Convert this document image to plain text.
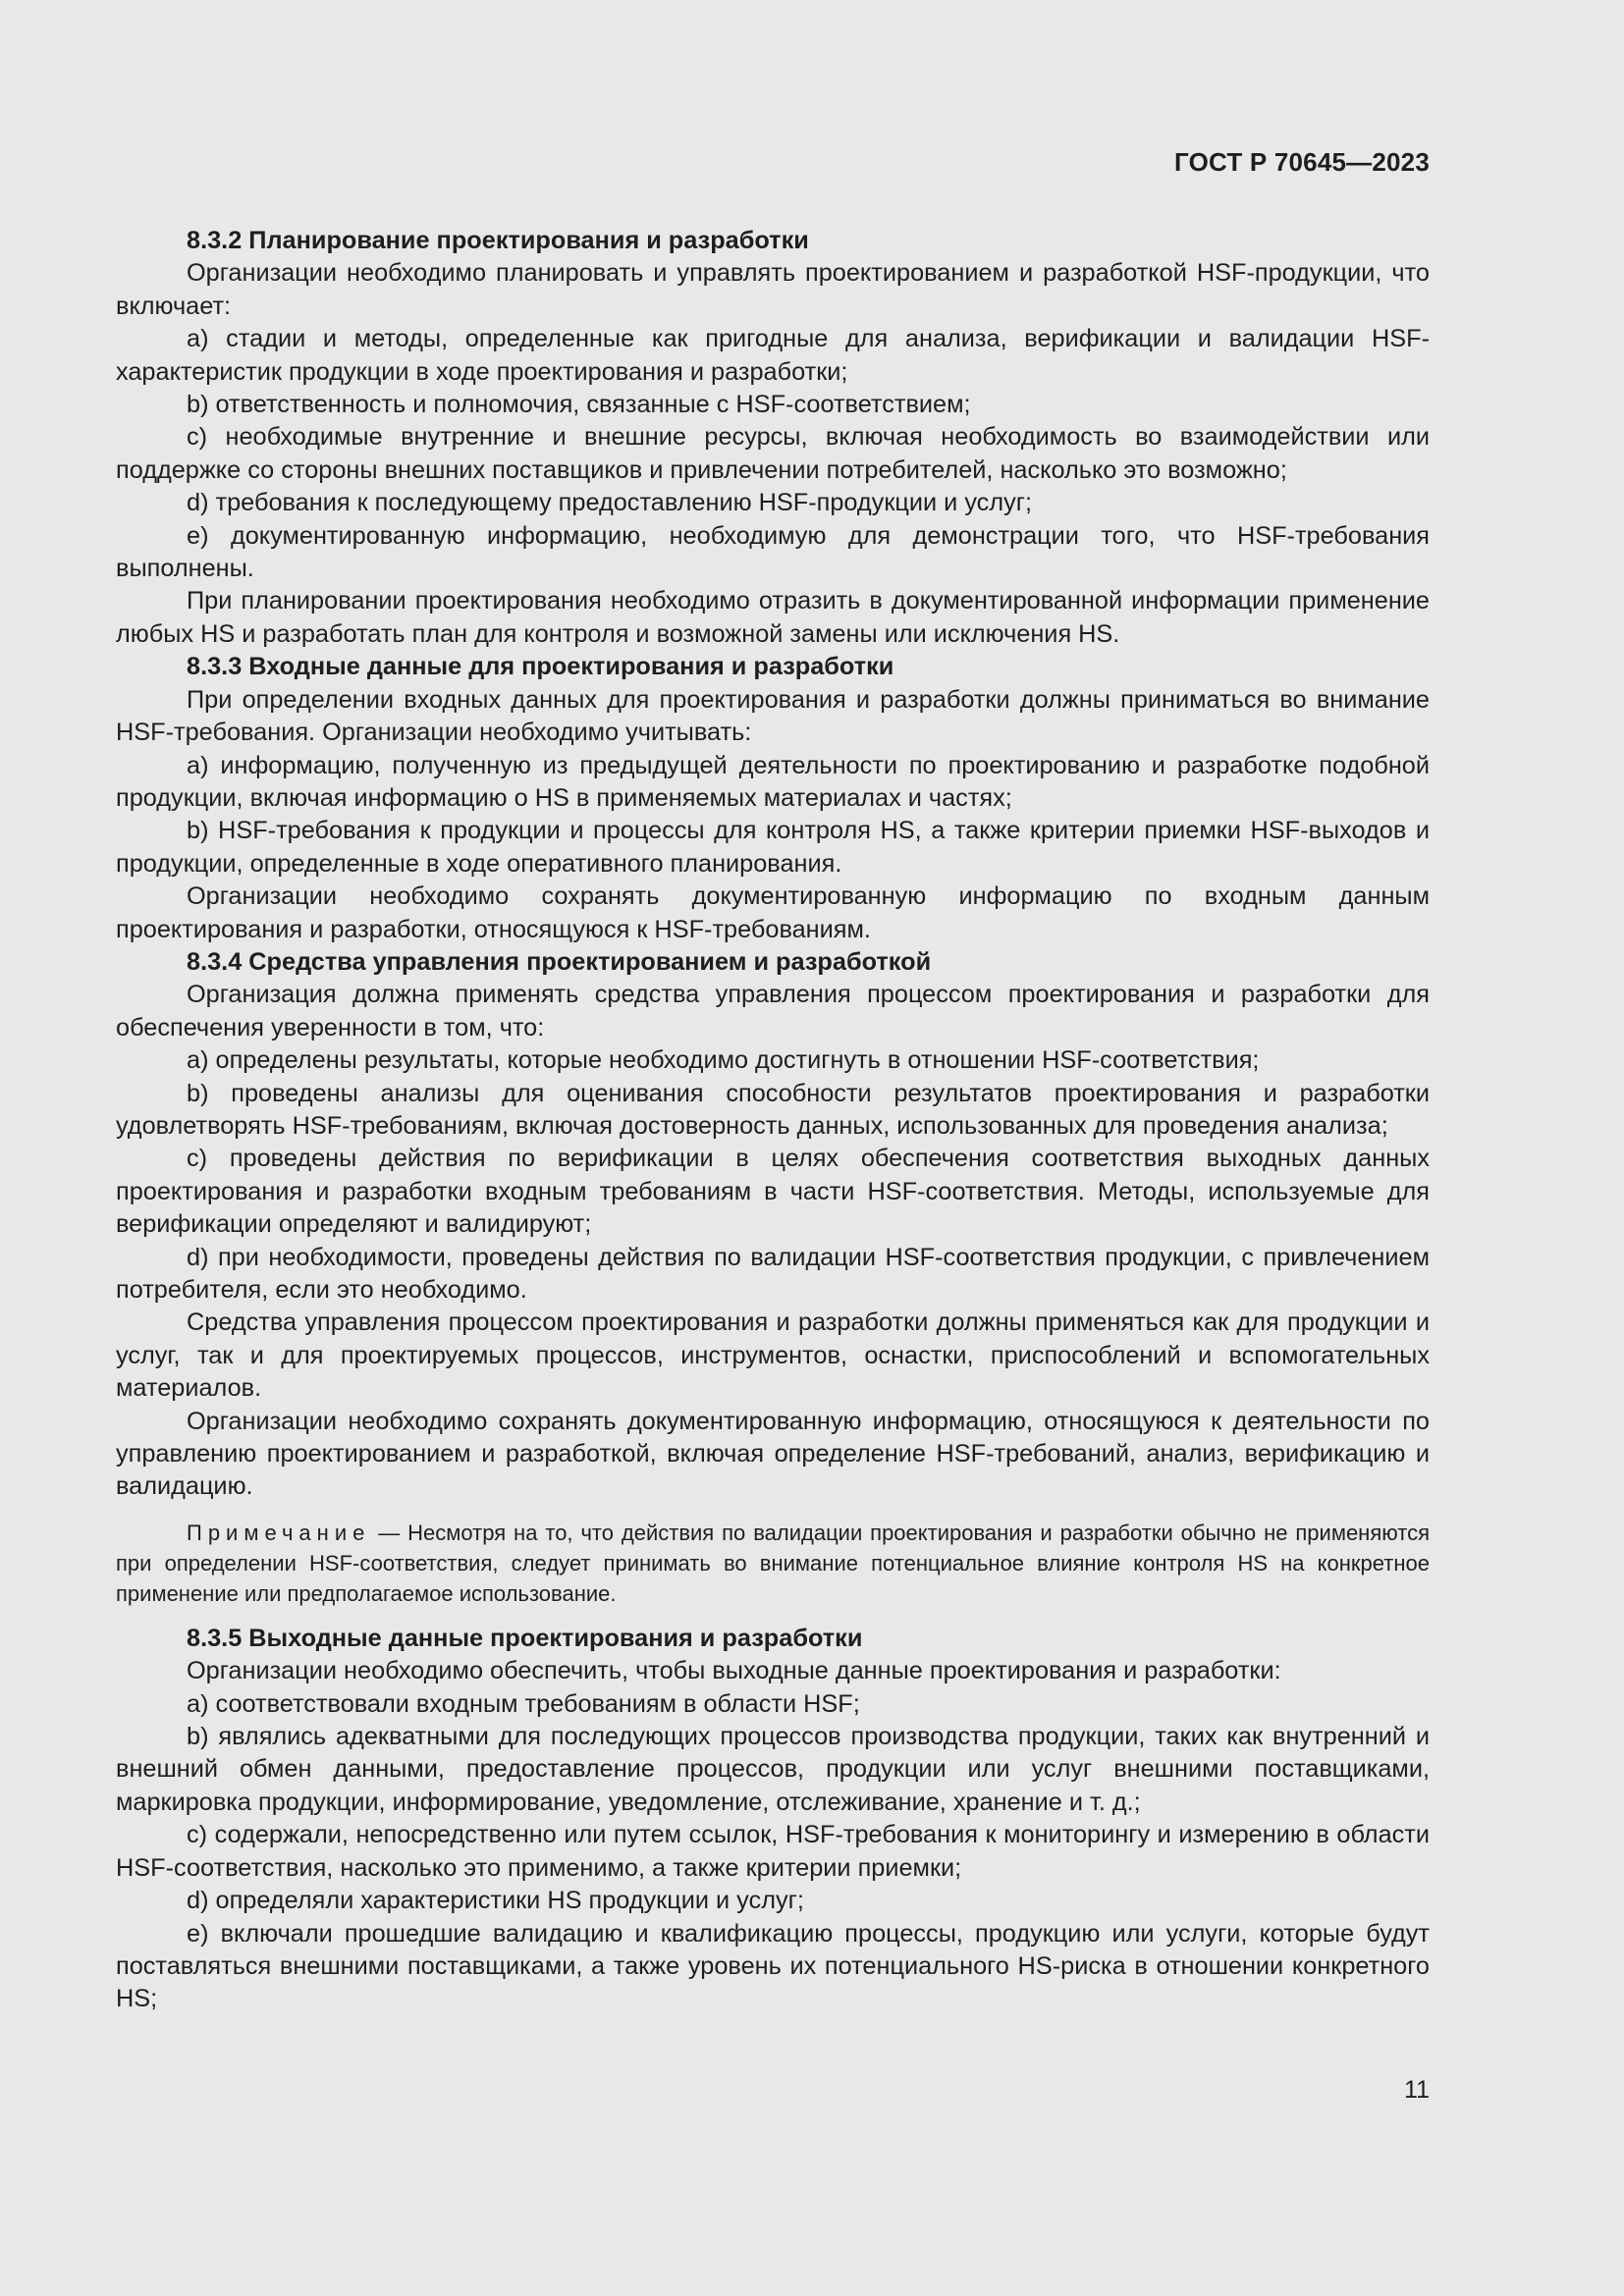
ГОСТ Р 70645—2023
8.3.2 Планирование проектирования и разработки

Организации необходимо планировать и управлять проектированием и разработкой HSF-продукции, что включает:

a) стадии и методы, определенные как пригодные для анализа, верификации и валидации HSF-характеристик продукции в ходе проектирования и разработки;

b) ответственность и полномочия, связанные с HSF-соответствием;

c) необходимые внутренние и внешние ресурсы, включая необходимость во взаимодействии или поддержке со стороны внешних поставщиков и привлечении потребителей, насколько это возможно;

d) требования к последующему предоставлению HSF-продукции и услуг;

e) документированную информацию, необходимую для демонстрации того, что HSF-требования выполнены.

При планировании проектирования необходимо отразить в документированной информации применение любых HS и разработать план для контроля и возможной замены или исключения HS.

8.3.3 Входные данные для проектирования и разработки

При определении входных данных для проектирования и разработки должны приниматься во внимание HSF-требования. Организации необходимо учитывать:

a) информацию, полученную из предыдущей деятельности по проектированию и разработке подобной продукции, включая информацию о HS в применяемых материалах и частях;

b) HSF-требования к продукции и процессы для контроля HS, а также критерии приемки HSF-выходов и продукции, определенные в ходе оперативного планирования.

Организации необходимо сохранять документированную информацию по входным данным проектирования и разработки, относящуюся к HSF-требованиям.

8.3.4 Средства управления проектированием и разработкой

Организация должна применять средства управления процессом проектирования и разработки для обеспечения уверенности в том, что:

a) определены результаты, которые необходимо достигнуть в отношении HSF-соответствия;

b) проведены анализы для оценивания способности результатов проектирования и разработки удовлетворять HSF-требованиям, включая достоверность данных, использованных для проведения анализа;

c) проведены действия по верификации в целях обеспечения соответствия выходных данных проектирования и разработки входным требованиям в части HSF-соответствия. Методы, используемые для верификации определяют и валидируют;

d) при необходимости, проведены действия по валидации HSF-соответствия продукции, с привлечением потребителя, если это необходимо.

Средства управления процессом проектирования и разработки должны применяться как для продукции и услуг, так и для проектируемых процессов, инструментов, оснастки, приспособлений и вспомогательных материалов.

Организации необходимо сохранять документированную информацию, относящуюся к деятельности по управлению проектированием и разработкой, включая определение HSF-требований, анализ, верификацию и валидацию.

Примечание — Несмотря на то, что действия по валидации проектирования и разработки обычно не применяются при определении HSF-соответствия, следует принимать во внимание потенциальное влияние контроля HS на конкретное применение или предполагаемое использование.

8.3.5 Выходные данные проектирования и разработки

Организации необходимо обеспечить, чтобы выходные данные проектирования и разработки:

a) соответствовали входным требованиям в области HSF;

b) являлись адекватными для последующих процессов производства продукции, таких как внутренний и внешний обмен данными, предоставление процессов, продукции или услуг внешними поставщиками, маркировка продукции, информирование, уведомление, отслеживание, хранение и т. д.;

c) содержали, непосредственно или путем ссылок, HSF-требования к мониторингу и измерению в области HSF-соответствия, насколько это применимо, а также критерии приемки;

d) определяли характеристики HS продукции и услуг;

e) включали прошедшие валидацию и квалификацию процессы, продукцию или услуги, которые будут поставляться внешними поставщиками, а также уровень их потенциального HS-риска в отношении конкретного HS;

11
